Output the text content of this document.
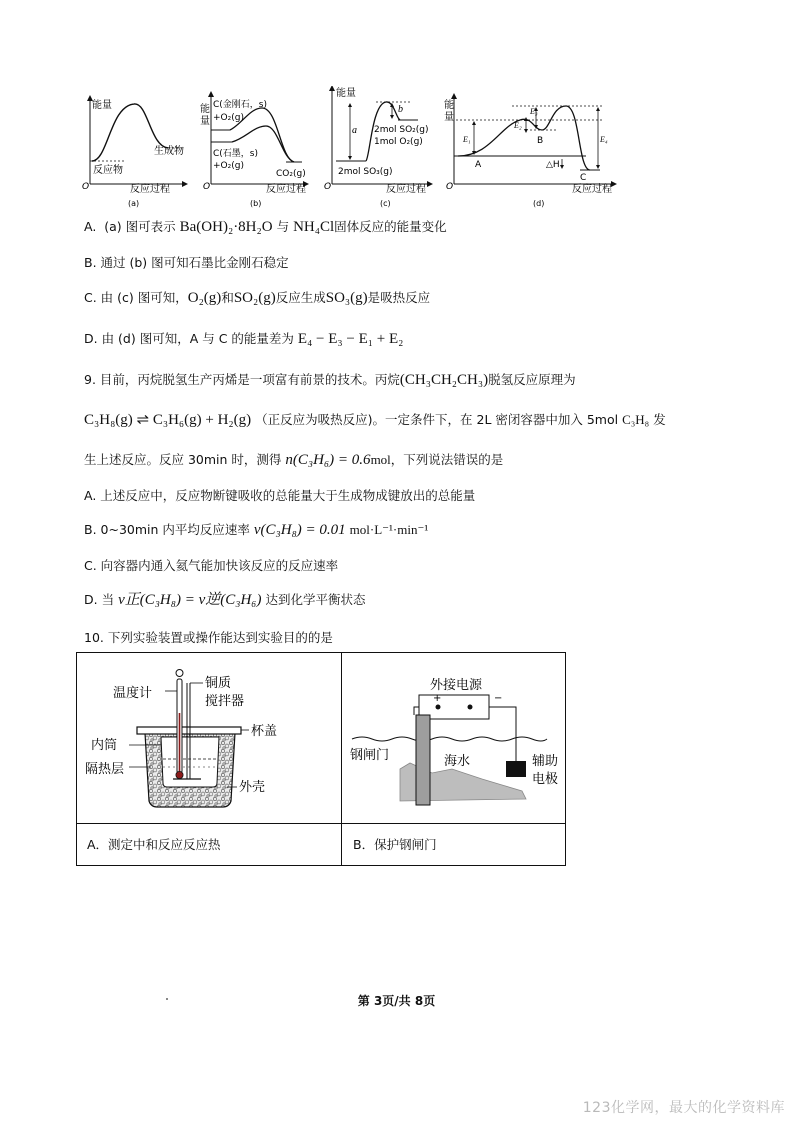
能量
O	反应过程
反应物
生成物
(a)
能
量
O	反应过程
C(金刚石，s)
+O₂(g)
C(石墨，s)
+O₂(g)
CO₂(g)
(b)
能量
O	反应过程
a
b
2mol SO₂(g)
1mol O₂(g)
2mol SO₃(g)
(c)
能
量
O	反应过程
E₁
E₂
E₃
E₄
A
B
C
△H
(d)
A. (a) 图可表示 Ba(OH)₂·8H₂O 与 NH₄Cl固体反应的能量变化
B. 通过 (b) 图可知石墨比金刚石稳定
C. 由 (c) 图可知，O₂(g)和SO₂(g)反应生成SO₃(g)是吸热反应
D. 由 (d) 图可知，A 与 C 的能量差为 E₄ − E₃ − E₁ + E₂
9. 目前，丙烷脱氢生产丙烯是一项富有前景的技术。丙烷(CH₃CH₂CH₃)脱氢反应原理为
C₃H₈(g) ⇌ C₃H₆(g) + H₂(g) （正反应为吸热反应)。一定条件下，在 2L 密闭容器中加入 5mol C₃H₈ 发
生上述反应。反应 30min 时，测得 n(C₃H₆) = 0.6mol，下列说法错误的是
A. 上述反应中，反应物断键吸收的总能量大于生成物成键放出的总能量
B. 0~30min 内平均反应速率 v(C₃H₈) = 0.01 mol·L⁻¹·min⁻¹
C. 向容器内通入氦气能加快该反应的反应速率
D. 当 v正(C₃H₈) = v逆(C₃H₆) 达到化学平衡状态
10. 下列实验装置或操作能达到实验目的的是
温度计
铜质
搅拌器
杯盖
内筒
隔热层
外壳
A．测定中和反应反应热
外接电源
+	−
钢闸门	海水	辅助
电极
B．保护钢闸门
第 3页/共 8页
123化学网，最大的化学资料库
